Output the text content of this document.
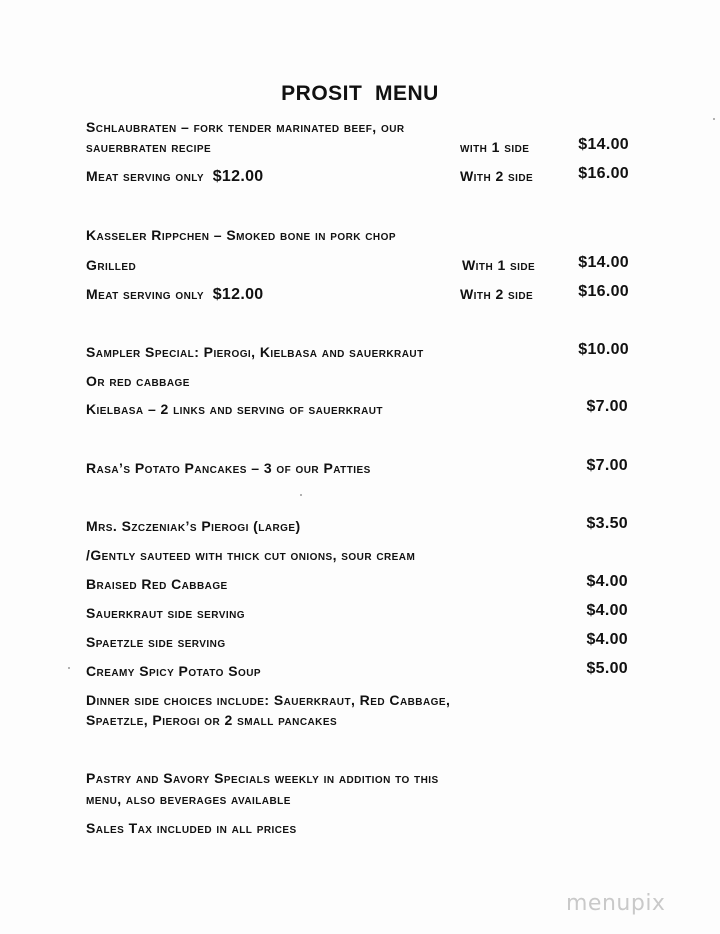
PROSIT  MENU
Schlaubraten – fork tender marinated beef, our
sauerbraten recipe	with 1 side	$14.00
Meat serving only $12.00	With 2 side	$16.00
Kasseler Rippchen – Smoked bone in pork chop
Grilled	With 1 side	$14.00
Meat serving only $12.00	With 2 side	$16.00
Sampler Special: Pierogi, Kielbasa and sauerkraut	$10.00
Or red cabbage
Kielbasa – 2 links and serving of sauerkraut	$7.00
Rasa’s Potato Pancakes – 3 of our Patties	$7.00
Mrs. Szczeniak’s Pierogi (large)	$3.50
/Gently sauteed with thick cut onions, sour cream
Braised Red Cabbage	$4.00
Sauerkraut side serving	$4.00
Spaetzle side serving	$4.00
Creamy Spicy Potato Soup	$5.00
Dinner side choices include: Sauerkraut, Red Cabbage,
Spaetzle, Pierogi or 2 small pancakes
Pastry and Savory Specials weekly in addition to this
menu, also beverages available
Sales Tax included in all prices
menupix
